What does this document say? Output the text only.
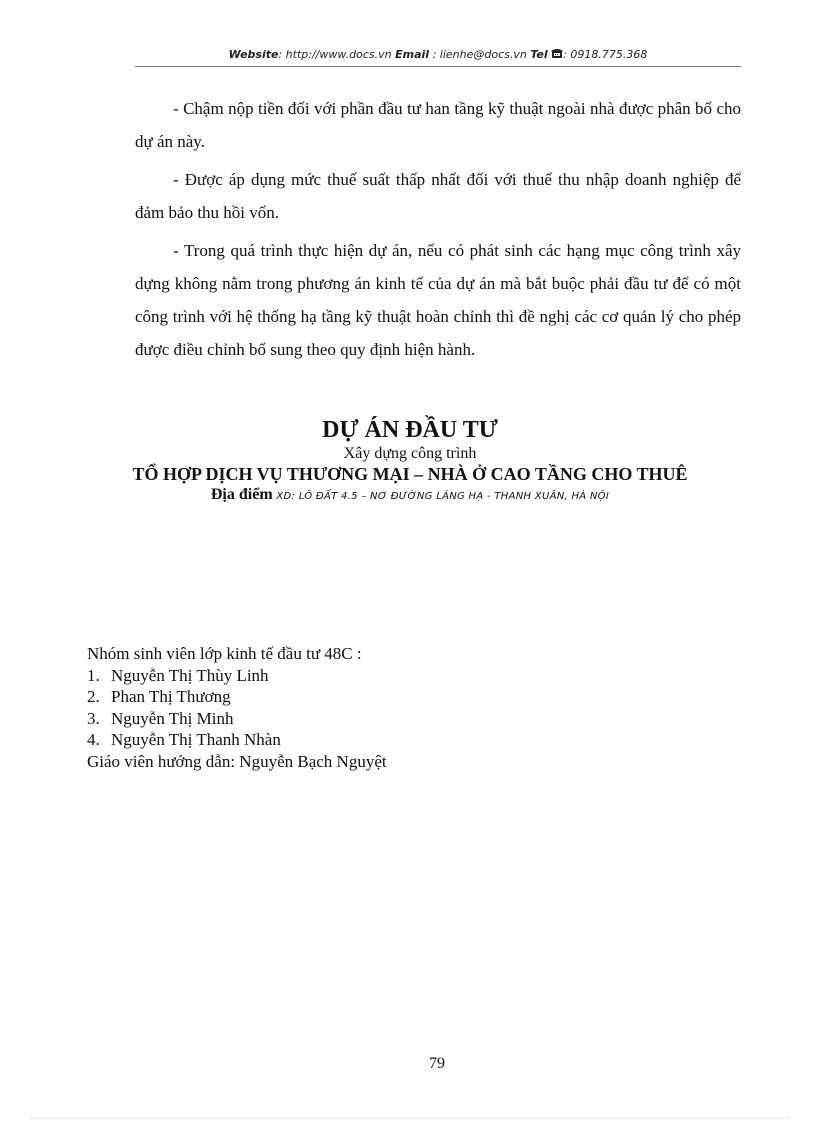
Website: http://www.docs.vn Email : lienhe@docs.vn Tel : 0918.775.368

- Chậm nộp tiền đối với phần đầu tư han tầng kỹ thuật ngoài nhà được phân bổ cho dự án này.

- Được áp dụng mức thuế suất thấp nhất đối với thuế thu nhập doanh nghiệp để đảm bảo thu hồi vốn.

- Trong quá trình thực hiện dự án, nếu có phát sinh các hạng mục công trình xây dựng không nằm trong phương án kinh tế của dự án mà bắt buộc phải đầu tư để có một công trình với hệ thống hạ tầng kỹ thuật hoàn chỉnh thì đề nghị các cơ quản lý cho phép được điều chỉnh bổ sung theo quy định hiện hành.

DỰ ÁN ĐẦU TƯ
Xây dựng công trình
TỔ HỢP DỊCH VỤ THƯƠNG MẠI – NHÀ Ở CAO TẦNG CHO THUÊ
Địa điểm XD: LÔ ĐẤT 4.5 – NƠ ĐƯỜNG LÁNG HẠ - THANH XUÂN, HÀ NỘI
Nhóm sinh viên lớp kinh tế đầu tư 48C :
1. Nguyễn Thị Thùy Linh
2. Phan Thị Thương
3. Nguyễn Thị Minh
4. Nguyễn Thị Thanh Nhàn
Giáo viên hướng dẫn: Nguyễn Bạch Nguyệt
79
